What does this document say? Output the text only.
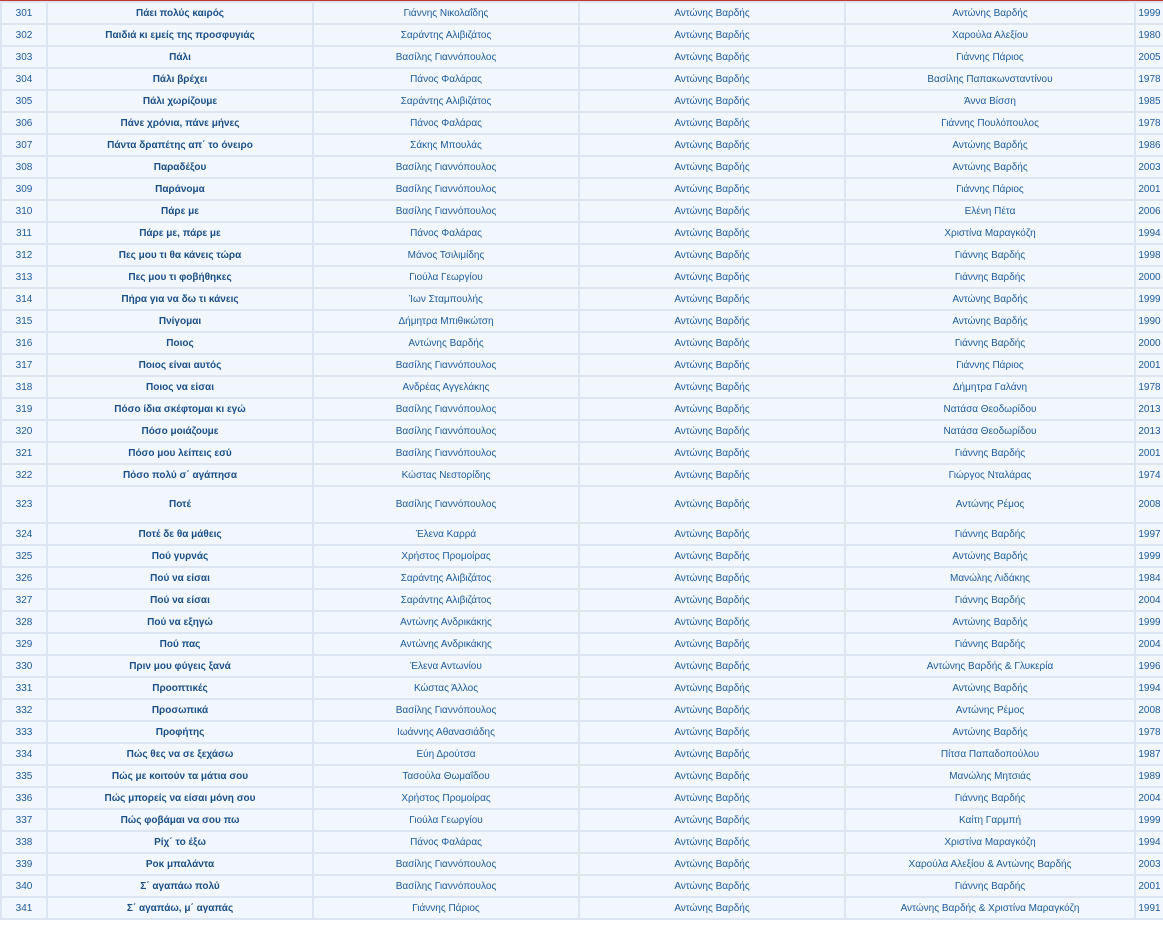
301	Πάει πολύς καιρός	Γιάννης Νικολαΐδης	Αντώνης Βαρδής	Αντώνης Βαρδής	1999
302	Παιδιά κι εμείς της προσφυγιάς	Σαράντης Αλιβιζάτος	Αντώνης Βαρδής	Χαρούλα Αλεξίου	1980
303	Πάλι	Βασίλης Γιαννόπουλος	Αντώνης Βαρδής	Γιάννης Πάριος	2005
304	Πάλι βρέχει	Πάνος Φαλάρας	Αντώνης Βαρδής	Βασίλης Παπακωνσταντίνου	1978
305	Πάλι χωρίζουμε	Σαράντης Αλιβιζάτος	Αντώνης Βαρδής	Άννα Βίσση	1985
306	Πάνε χρόνια, πάνε μήνες	Πάνος Φαλάρας	Αντώνης Βαρδής	Γιάννης Πουλόπουλος	1978
307	Πάντα δραπέτης απ΄ το όνειρο	Σάκης Μπουλάς	Αντώνης Βαρδής	Αντώνης Βαρδής	1986
308	Παραδέξου	Βασίλης Γιαννόπουλος	Αντώνης Βαρδής	Αντώνης Βαρδής	2003
309	Παράνομα	Βασίλης Γιαννόπουλος	Αντώνης Βαρδής	Γιάννης Πάριος	2001
310	Πάρε με	Βασίλης Γιαννόπουλος	Αντώνης Βαρδής	Ελένη Πέτα	2006
311	Πάρε με, πάρε με	Πάνος Φαλάρας	Αντώνης Βαρδής	Χριστίνα Μαραγκόζη	1994
312	Πες μου τι θα κάνεις τώρα	Μάνος Τσιλιμίδης	Αντώνης Βαρδής	Γιάννης Βαρδής	1998
313	Πες μου τι φοβήθηκες	Γιούλα Γεωργίου	Αντώνης Βαρδής	Γιάννης Βαρδής	2000
314	Πήρα για να δω τι κάνεις	Ίων Σταμπουλής	Αντώνης Βαρδής	Αντώνης Βαρδής	1999
315	Πνίγομαι	Δήμητρα Μπιθικώτση	Αντώνης Βαρδής	Αντώνης Βαρδής	1990
316	Ποιος	Αντώνης Βαρδής	Αντώνης Βαρδής	Γιάννης Βαρδής	2000
317	Ποιος είναι αυτός	Βασίλης Γιαννόπουλος	Αντώνης Βαρδής	Γιάννης Πάριος	2001
318	Ποιος να είσαι	Ανδρέας Αγγελάκης	Αντώνης Βαρδής	Δήμητρα Γαλάνη	1978
319	Πόσο ίδια σκέφτομαι κι εγώ	Βασίλης Γιαννόπουλος	Αντώνης Βαρδής	Νατάσα Θεοδωρίδου	2013
320	Πόσο μοιάζουμε	Βασίλης Γιαννόπουλος	Αντώνης Βαρδής	Νατάσα Θεοδωρίδου	2013
321	Πόσο μου λείπεις εσύ	Βασίλης Γιαννόπουλος	Αντώνης Βαρδής	Γιάννης Βαρδής	2001
322	Πόσο πολύ σ΄ αγάπησα	Κώστας Νεστορίδης	Αντώνης Βαρδής	Γιώργος Νταλάρας	1974
323	Ποτέ	Βασίλης Γιαννόπουλος	Αντώνης Βαρδής	Αντώνης Ρέμος	2008
324	Ποτέ δε θα μάθεις	Έλενα Καρρά	Αντώνης Βαρδής	Γιάννης Βαρδής	1997
325	Πού γυρνάς	Χρήστος Προμοίρας	Αντώνης Βαρδής	Αντώνης Βαρδής	1999
326	Πού να είσαι	Σαράντης Αλιβιζάτος	Αντώνης Βαρδής	Μανώλης Λιδάκης	1984
327	Πού να είσαι	Σαράντης Αλιβιζάτος	Αντώνης Βαρδής	Γιάννης Βαρδής	2004
328	Πού να εξηγώ	Αντώνης Ανδρικάκης	Αντώνης Βαρδής	Αντώνης Βαρδής	1999
329	Πού πας	Αντώνης Ανδρικάκης	Αντώνης Βαρδής	Γιάννης Βαρδής	2004
330	Πριν μου φύγεις ξανά	Έλενα Αντωνίου	Αντώνης Βαρδής	Αντώνης Βαρδής & Γλυκερία	1996
331	Προοπτικές	Κώστας Άλλος	Αντώνης Βαρδής	Αντώνης Βαρδής	1994
332	Προσωπικά	Βασίλης Γιαννόπουλος	Αντώνης Βαρδής	Αντώνης Ρέμος	2008
333	Προφήτης	Ιωάννης Αθανασιάδης	Αντώνης Βαρδής	Αντώνης Βαρδής	1978
334	Πώς θες να σε ξεχάσω	Εύη Δρούτσα	Αντώνης Βαρδής	Πίτσα Παπαδοπούλου	1987
335	Πώς με κοιτούν τα μάτια σου	Τασούλα Θωμαΐδου	Αντώνης Βαρδής	Μανώλης Μητσιάς	1989
336	Πώς μπορείς να είσαι μόνη σου	Χρήστος Προμοίρας	Αντώνης Βαρδής	Γιάννης Βαρδής	2004
337	Πώς φοβάμαι να σου πω	Γιούλα Γεωργίου	Αντώνης Βαρδής	Καίτη Γαρμπή	1999
338	Ρίχ΄ το έξω	Πάνος Φαλάρας	Αντώνης Βαρδής	Χριστίνα Μαραγκόζη	1994
339	Ροκ μπαλάντα	Βασίλης Γιαννόπουλος	Αντώνης Βαρδής	Χαρούλα Αλεξίου & Αντώνης Βαρδής	2003
340	Σ΄ αγαπάω πολύ	Βασίλης Γιαννόπουλος	Αντώνης Βαρδής	Γιάννης Βαρδής	2001
341	Σ΄ αγαπάω, μ΄ αγαπάς	Γιάννης Πάριος	Αντώνης Βαρδής	Αντώνης Βαρδής & Χριστίνα Μαραγκόζη	1991
